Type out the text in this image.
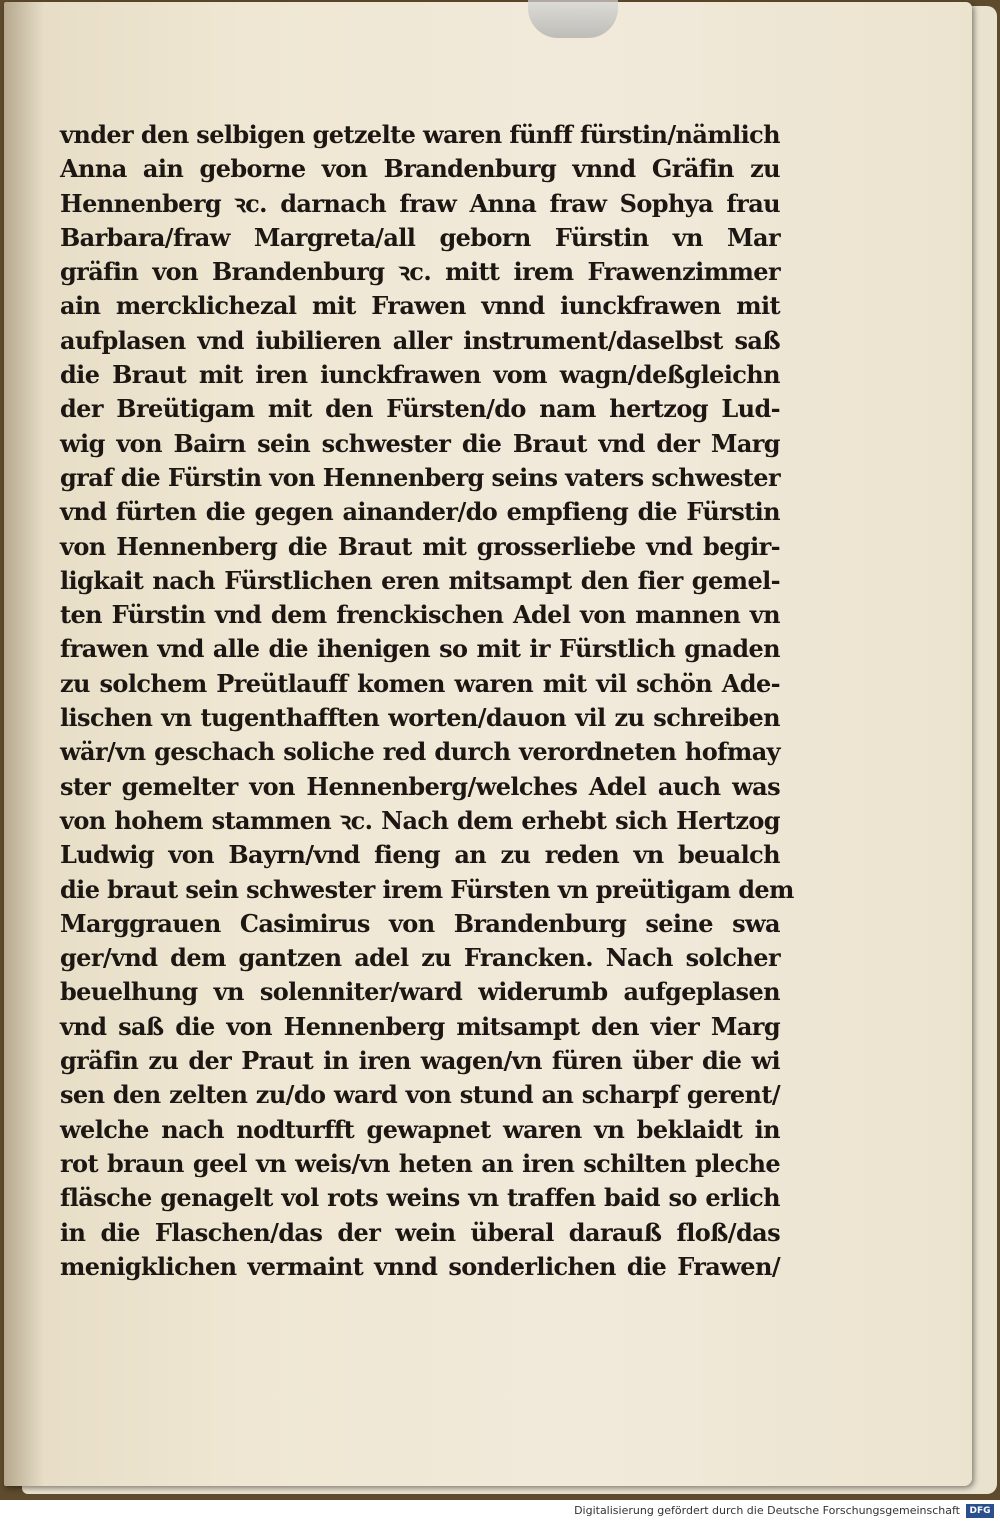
vnder den selbigen getzelte waren fünff fürstin/nämlich
Anna ain geborne von Brandenburg vnnd Gräfin zu
Hennenberg ꝛc. darnach fraw Anna fraw Sophya frau
Barbara/fraw Margreta/all geborn Fürstin vn Mar
gräfin von Brandenburg ꝛc. mitt irem Frawenzimmer
ain mercklichezal mit Frawen vnnd iunckfrawen mit
aufplasen vnd iubilieren aller instrument/daselbst saß
die Braut mit iren iunckfrawen vom wagn/deßgleichn
der Breütigam mit den Fürsten/do nam hertzog Lud-
wig von Bairn sein schwester die Braut vnd der Marg
graf die Fürstin von Hennenberg seins vaters schwester
vnd fürten die gegen ainander/do empfieng die Fürstin
von Hennenberg die Braut mit grosserliebe vnd begir-
ligkait nach Fürstlichen eren mitsampt den fier gemel-
ten Fürstin vnd dem frenckischen Adel von mannen vn
frawen vnd alle die ihenigen so mit ir Fürstlich gnaden
zu solchem Preütlauff komen waren mit vil schön Ade-
lischen vn tugenthafften worten/dauon vil zu schreiben
wär/vn geschach soliche red durch verordneten hofmay
ster gemelter von Hennenberg/welches Adel auch was
von hohem stammen ꝛc. Nach dem erhebt sich Hertzog
Ludwig von Bayrn/vnd fieng an zu reden vn beualch
die braut sein schwester irem Fürsten vn preütigam dem
Marggrauen Casimirus von Brandenburg seine swa
ger/vnd dem gantzen adel zu Francken. Nach solcher
beuelhung vn solenniter/ward widerumb aufgeplasen
vnd saß die von Hennenberg mitsampt den vier Marg
gräfin zu der Praut in iren wagen/vn füren über die wi
sen den zelten zu/do ward von stund an scharpf gerent/
welche nach nodturfft gewapnet waren vn beklaidt in
rot braun geel vn weis/vn heten an iren schilten pleche
fläsche genagelt vol rots weins vn traffen baid so erlich
in die Flaschen/das der wein überal darauß floß/das
menigklichen vermaint vnnd sonderlichen die Frawen/
Digitalisierung gefördert durch die Deutsche Forschungsgemeinschaft	DFG
